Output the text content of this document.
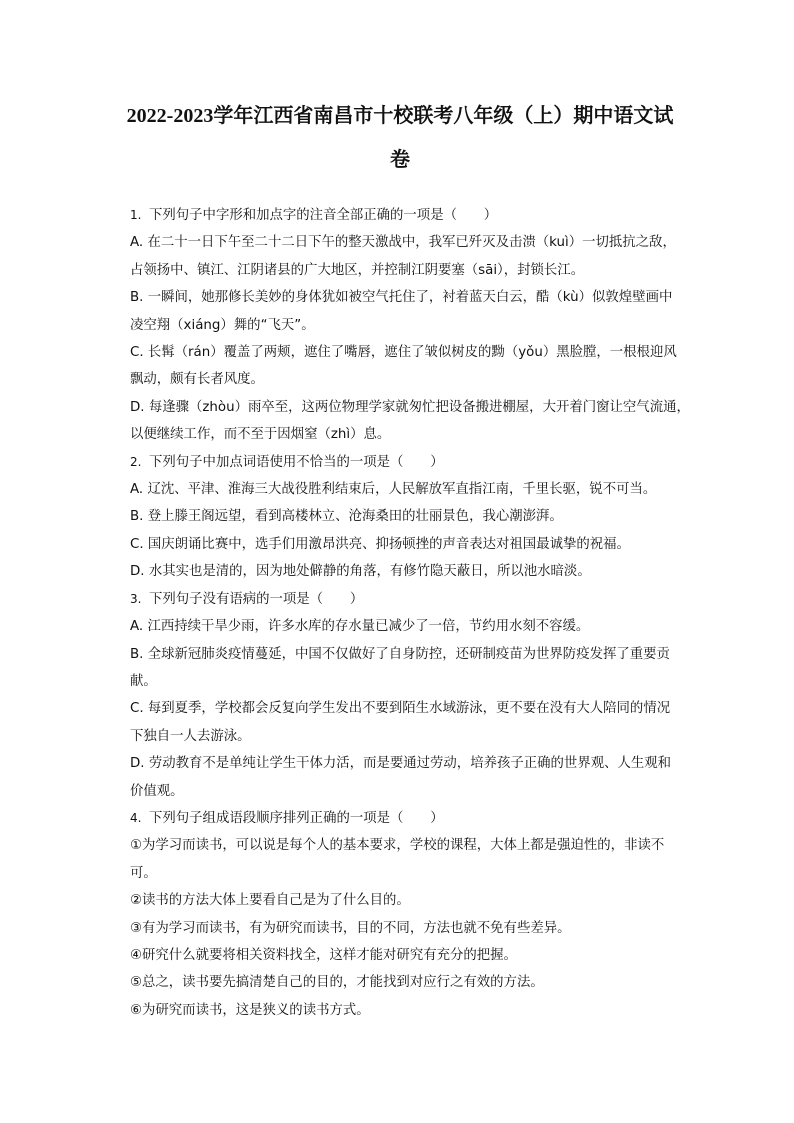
2022-2023学年江西省南昌市十校联考八年级（上）期中语文试
卷
1. 下列句子中字形和加点字的注音全部正确的一项是（　　）
A. 在二十一日下午至二十二日下午的整天激战中，我军已歼灭及击溃（kuì）一切抵抗之敌，
占领扬中、镇江、江阴诸县的广大地区，并控制江阴要塞（sāi），封锁长江。
B. 一瞬间，她那修长美妙的身体犹如被空气托住了，衬着蓝天白云，酷（kù）似敦煌壁画中
凌空翔（xiáng）舞的“飞天”。
C. 长髯（rán）覆盖了两颊，遮住了嘴唇，遮住了皱似树皮的黝（yǒu）黑脸膛，一根根迎风
飘动，颇有长者风度。
D. 每逢骤（zhòu）雨卒至，这两位物理学家就匆忙把设备搬进棚屋，大开着门窗让空气流通，
以便继续工作，而不至于因烟窒（zhì）息。
2. 下列句子中加点词语使用不恰当的一项是（　　）
A. 辽沈、平津、淮海三大战役胜利结束后，人民解放军直指江南，千里长驱，锐不可当。
B. 登上滕王阁远望，看到高楼林立、沧海桑田的壮丽景色，我心潮澎湃。
C. 国庆朗诵比赛中，选手们用激昂洪亮、抑扬顿挫的声音表达对祖国最诚挚的祝福。
D. 水其实也是清的，因为地处僻静的角落，有修竹隐天蔽日，所以池水暗淡。
3. 下列句子没有语病的一项是（　　）
A. 江西持续干旱少雨，许多水库的存水量已减少了一倍，节约用水刻不容缓。
B. 全球新冠肺炎疫情蔓延，中国不仅做好了自身防控，还研制疫苗为世界防疫发挥了重要贡
献。
C. 每到夏季，学校都会反复向学生发出不要到陌生水域游泳，更不要在没有大人陪同的情况
下独自一人去游泳。
D. 劳动教育不是单纯让学生干体力活，而是要通过劳动，培养孩子正确的世界观、人生观和
价值观。
4. 下列句子组成语段顺序排列正确的一项是（　　）
①为学习而读书，可以说是每个人的基本要求，学校的课程，大体上都是强迫性的，非读不
可。
②读书的方法大体上要看自己是为了什么目的。
③有为学习而读书，有为研究而读书，目的不同，方法也就不免有些差异。
④研究什么就要将相关资料找全，这样才能对研究有充分的把握。
⑤总之，读书要先搞清楚自己的目的，才能找到对应行之有效的方法。
⑥为研究而读书，这是狭义的读书方式。
